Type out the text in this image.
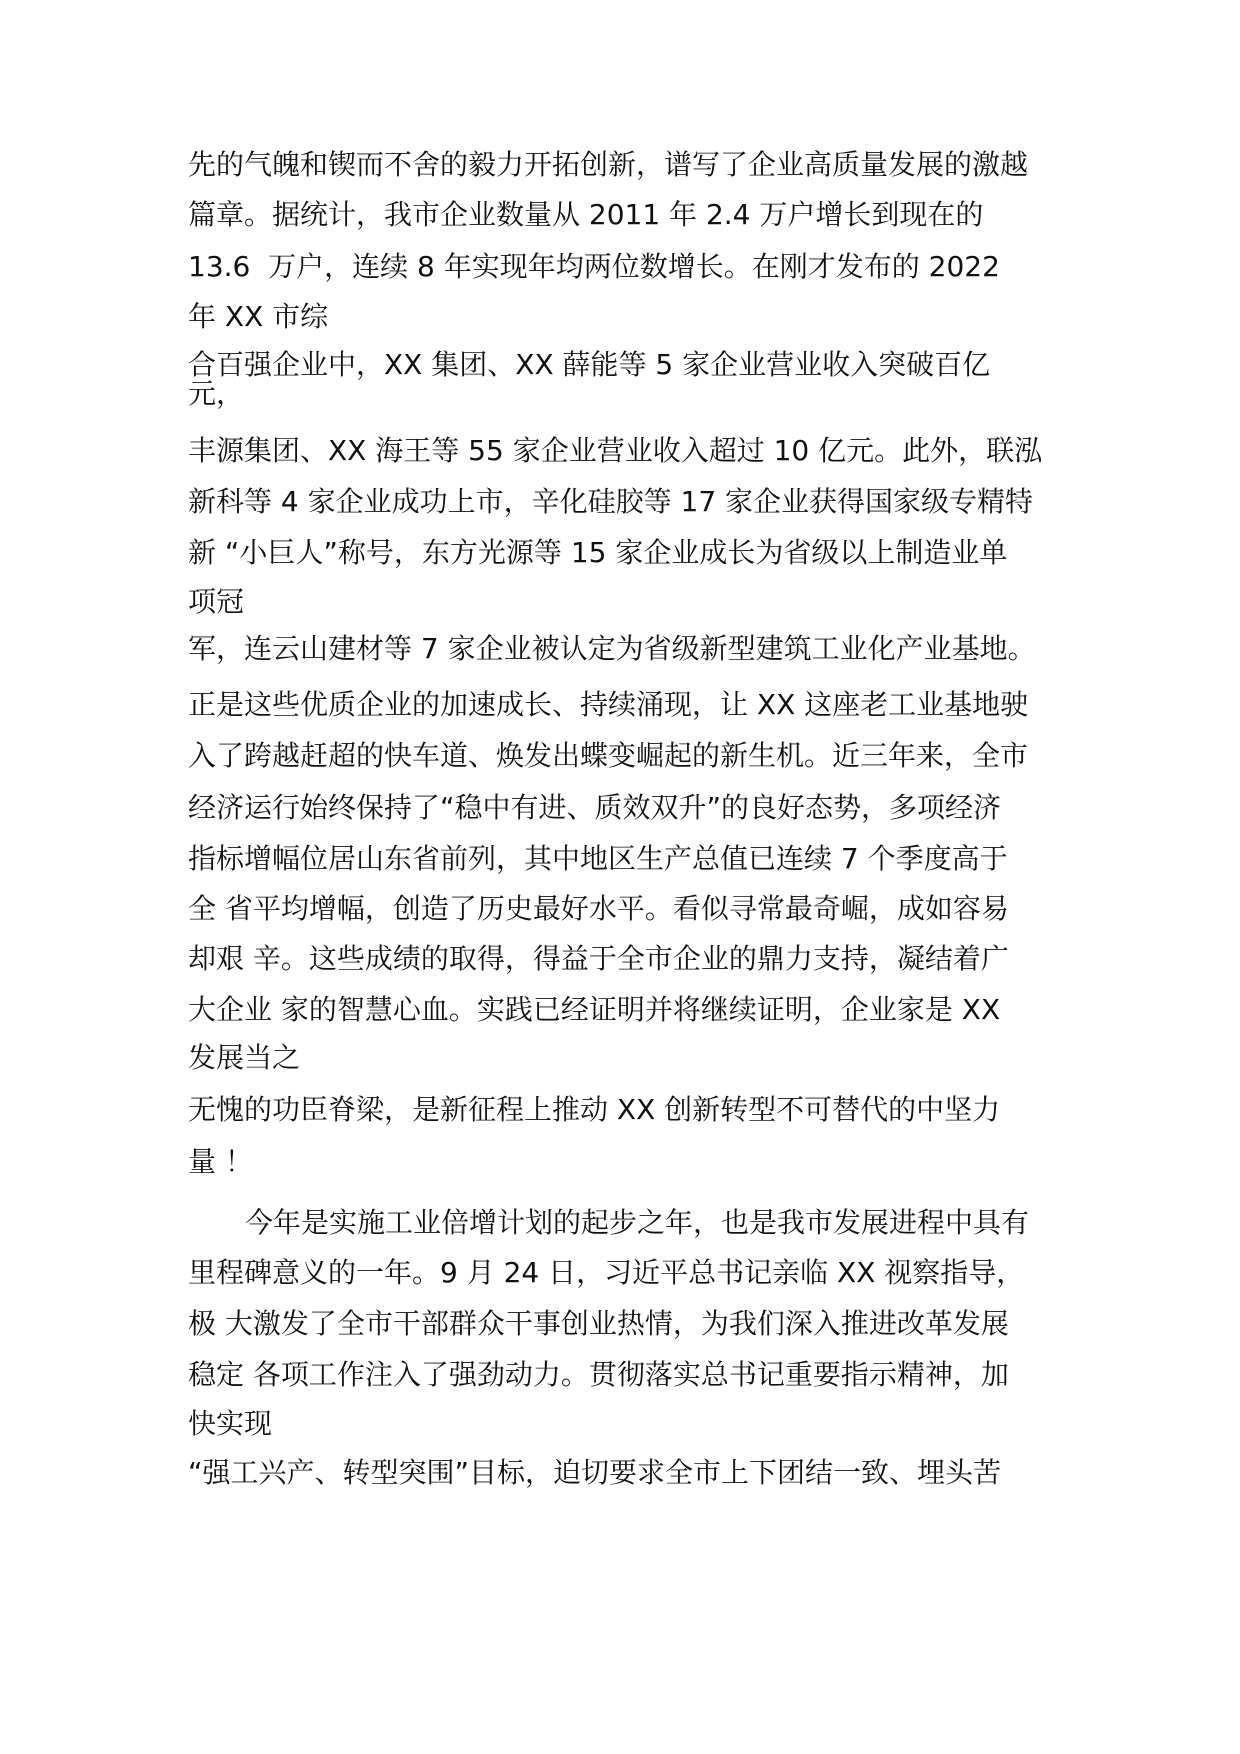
先的气魄和锲而不舍的毅力开拓创新，谱写了企业高质量发展的激越
篇章。据统计，我市企业数量从 2011 年 2.4 万户增长到现在的
13.6  万户，连续 8 年实现年均两位数增长。在刚才发布的 2022
年 XX 市综
合百强企业中，XX 集团、XX 薛能等 5 家企业营业收入突破百亿
元，
丰源集团、XX 海王等 55 家企业营业收入超过 10 亿元。此外，联泓
新科等 4 家企业成功上市，辛化硅胶等 17 家企业获得国家级专精特
新 “小巨人”称号，东方光源等 15 家企业成长为省级以上制造业单
项冠
军，连云山建材等 7 家企业被认定为省级新型建筑工业化产业基地。
正是这些优质企业的加速成长、持续涌现，让 XX 这座老工业基地驶
入了跨越赶超的快车道、焕发出蝶变崛起的新生机。近三年来，全市
经济运行始终保持了“稳中有进、质效双升”的良好态势，多项经济
指标增幅位居山东省前列，其中地区生产总值已连续 7 个季度高于
全 省平均增幅，创造了历史最好水平。看似寻常最奇崛，成如容易
却艰 辛。这些成绩的取得，得益于全市企业的鼎力支持，凝结着广
大企业 家的智慧心血。实践已经证明并将继续证明，企业家是 XX
发展当之
无愧的功臣脊梁，是新征程上推动 XX 创新转型不可替代的中坚力
量 ！
今年是实施工业倍增计划的起步之年，也是我市发展进程中具有
里程碑意义的一年。9 月 24 日，习近平总书记亲临 XX 视察指导，
极 大激发了全市干部群众干事创业热情，为我们深入推进改革发展
稳定 各项工作注入了强劲动力。贯彻落实总书记重要指示精神，加
快实现
“强工兴产、转型突围”目标，迫切要求全市上下团结一致、埋头苦
